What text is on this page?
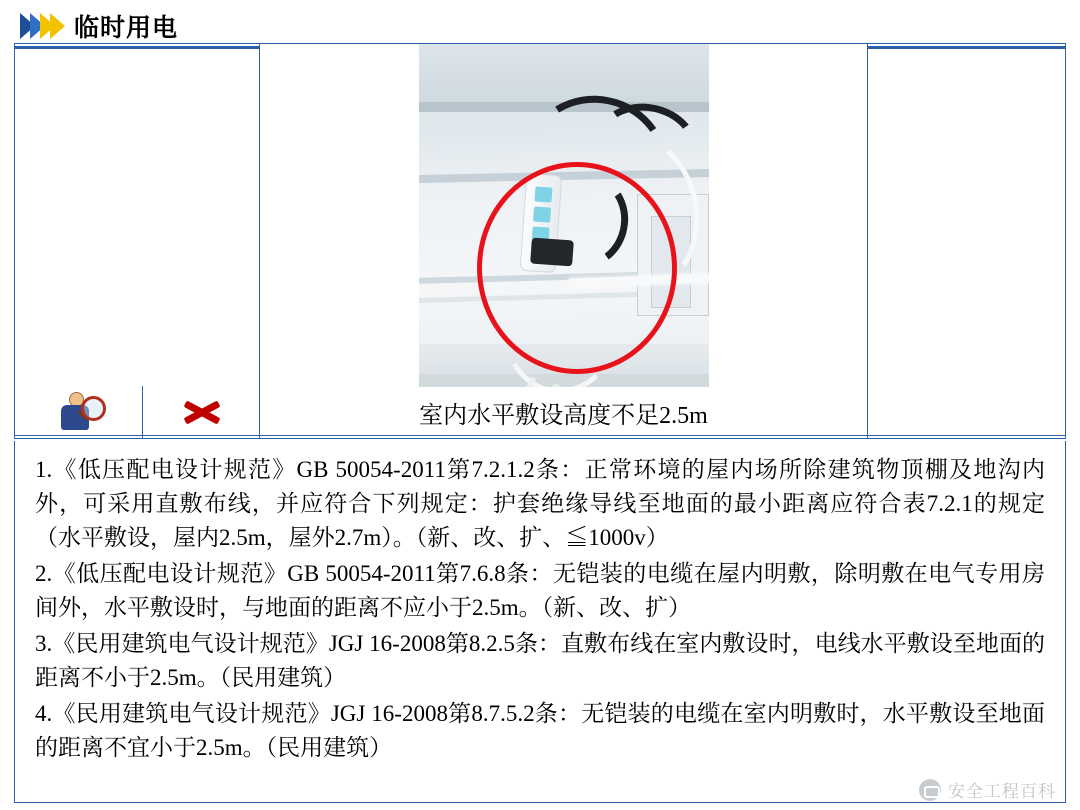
临时用电
室内水平敷设高度不足2.5m

1.《低压配电设计规范》GB 50054-2011第7.2.1.2条：正常环境的屋内场所除建筑物顶棚及地沟内外，可采用直敷布线，并应符合下列规定：护套绝缘导线至地面的最小距离应符合表7.2.1的规定（水平敷设，屋内2.5m，屋外2.7m）。（新、改、扩、≦1000v）

2.《低压配电设计规范》GB 50054-2011第7.6.8条：无铠装的电缆在屋内明敷，除明敷在电气专用房间外，水平敷设时，与地面的距离不应小于2.5m。（新、改、扩）

3.《民用建筑电气设计规范》JGJ 16-2008第8.2.5条：直敷布线在室内敷设时，电线水平敷设至地面的距离不小于2.5m。（民用建筑）

4.《民用建筑电气设计规范》JGJ 16-2008第8.7.5.2条：无铠装的电缆在室内明敷时，水平敷设至地面的距离不宜小于2.5m。（民用建筑）

安全工程百科
